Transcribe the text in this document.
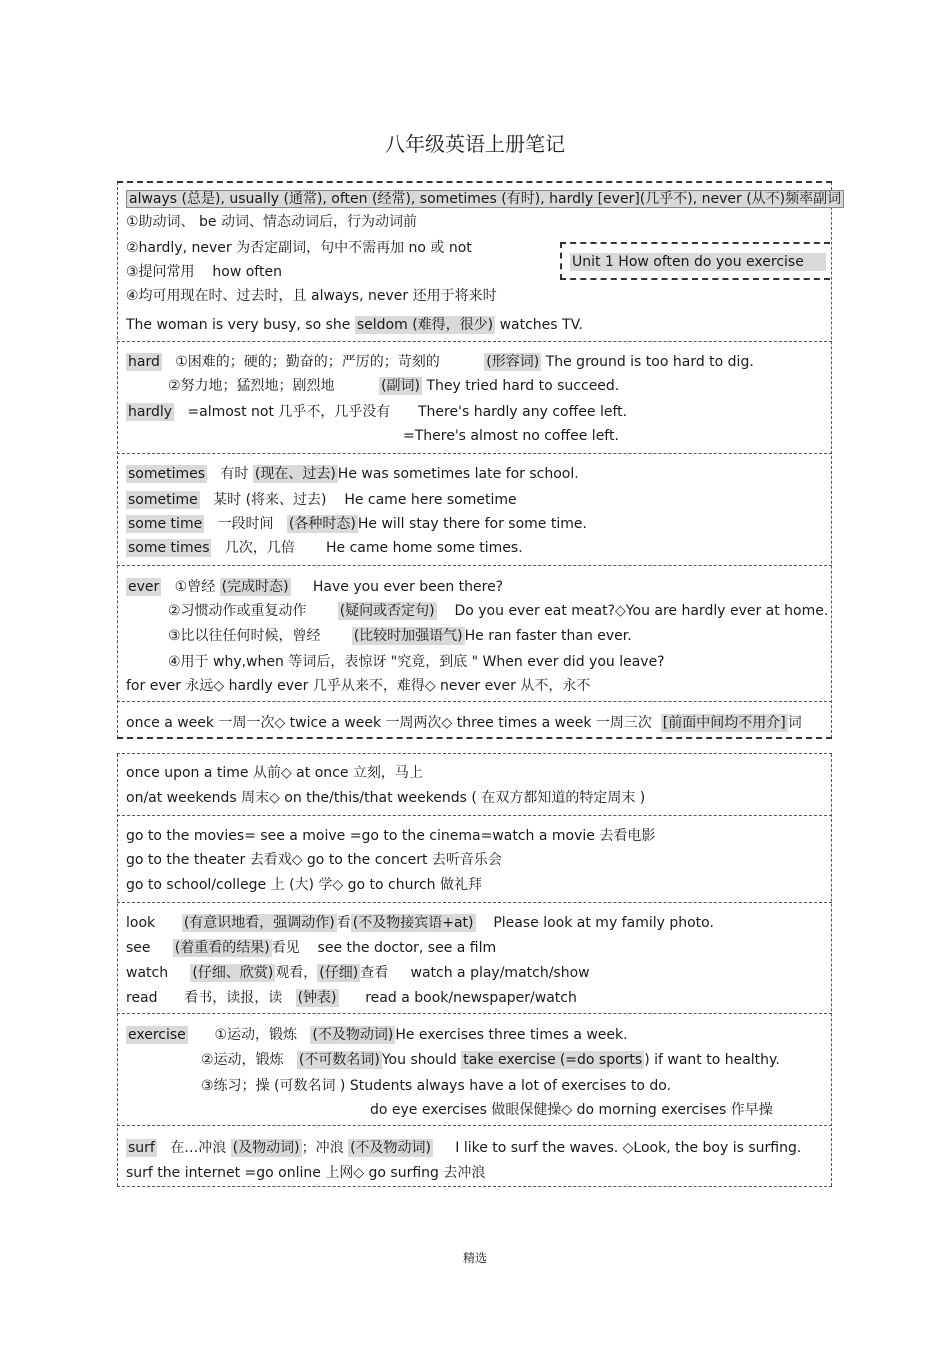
八年级英语上册笔记
always (总是), usually (通常), often (经常), sometimes (有时), hardly [ever](几乎不), never (从不)频率副词
①助动词、 be 动词、情态动词后，行为动词前
②hardly, never 为否定副词，句中不需再加 no 或 not
③提问常用 how often
④均可用现在时、过去时，且 always, never 还用于将来时
The woman is very busy, so she seldom (难得，很少) watches TV.
Unit 1 How often do you exercise
hard ①困难的；硬的；勤奋的；严厉的；苛刻的	(形容词) The ground is too hard to dig.
②努力地；猛烈地；剧烈地	(副词) They tried hard to succeed.
hardly =almost not 几乎不，几乎没有 There's hardly any coffee left.
=There's almost no coffee left.
sometimes 有时 (现在、过去) He was sometimes late for school.
sometime 某时 (将来、过去) He came here sometime
some time 一段时间 (各种时态) He will stay there for some time.
some times 几次，几倍 He came home some times.
ever ①曾经 (完成时态) Have you ever been there?
②习惯动作或重复动作 (疑问或否定句) Do you ever eat meat?◇You are hardly ever at home.
③比以往任何时候，曾经 (比较时加强语气) He ran faster than ever.
④用于 why,when 等词后，表惊讶 "究竟，到底 " When ever did you leave?
for ever 永远◇ hardly ever 几乎从来不，难得◇ never ever 从不，永不
once a week 一周一次◇ twice a week 一周两次◇ three times a week 一周三次 [前面中间均不用介] 词
once upon a time 从前◇ at once 立刻，马上
on/at weekends 周末◇ on the/this/that weekends ( 在双方都知道的特定周末 )
go to the movies= see a moive =go to the cinema=watch a movie 去看电影
go to the theater 去看戏◇ go to the concert 去听音乐会
go to school/college 上 (大) 学◇ go to church 做礼拜
look (有意识地看，强调动作) 看 (不及物接宾语+at) Please look at my family photo.
see (着重看的结果) 看见 see the doctor, see a film
watch (仔细、欣赏) 观看， (仔细) 查看 watch a play/match/show
read 看书，读报，读 (钟表) read a book/newspaper/watch
exercise ①运动，锻炼 (不及物动词) He exercises three times a week.
②运动，锻炼 (不可数名词) You should take exercise (=do sports ) if want to healthy.
③练习；操 (可数名词 ) Students always have a lot of exercises to do.
do eye exercises 做眼保健操◇ do morning exercises 作早操
surf 在…冲浪 (及物动词) ；冲浪 (不及物动词) I like to surf the waves. ◇Look, the boy is surfing.
surf the internet =go online 上网◇ go surfing 去冲浪
精选
